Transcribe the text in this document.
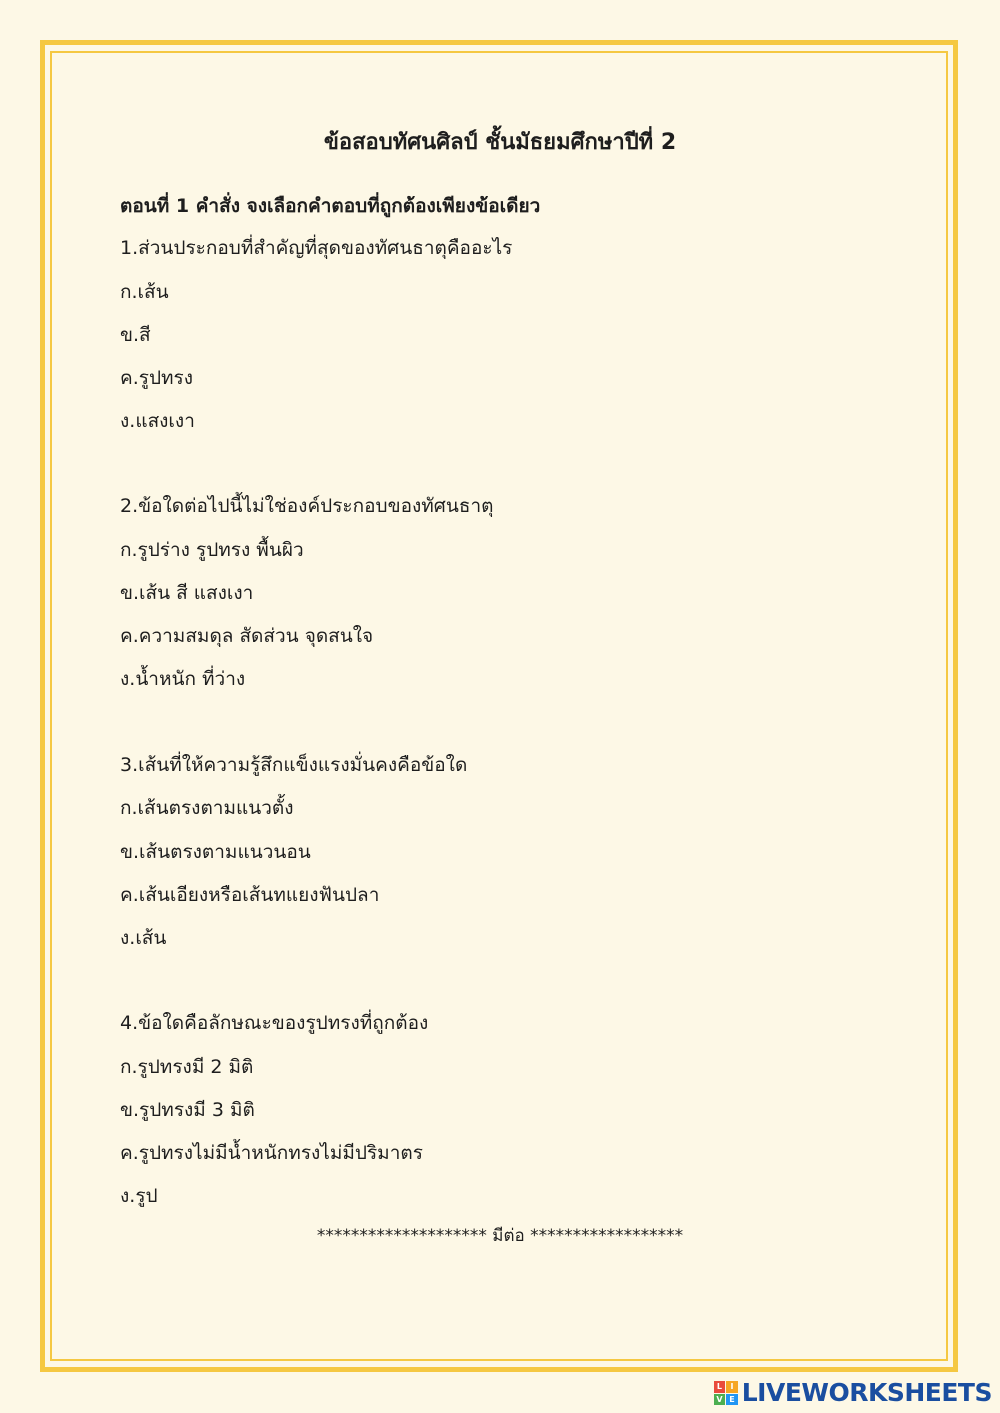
ข้อสอบทัศนศิลป์ ชั้นมัธยมศึกษาปีที่ 2
ตอนที่ 1 คำสั่ง จงเลือกคำตอบที่ถูกต้องเพียงข้อเดียว
1.ส่วนประกอบที่สำคัญที่สุดของทัศนธาตุคืออะไร
ก.เส้น
ข.สี
ค.รูปทรง
ง.แสงเงา
2.ข้อใดต่อไปนี้ไม่ใช่องค์ประกอบของทัศนธาตุ
ก.รูปร่าง รูปทรง พื้นผิว
ข.เส้น สี แสงเงา
ค.ความสมดุล สัดส่วน จุดสนใจ
ง.น้ำหนัก ที่ว่าง
3.เส้นที่ให้ความรู้สึกแข็งแรงมั่นคงคือข้อใด
ก.เส้นตรงตามแนวตั้ง
ข.เส้นตรงตามแนวนอน
ค.เส้นเอียงหรือเส้นทแยงฟันปลา
ง.เส้น
4.ข้อใดคือลักษณะของรูปทรงที่ถูกต้อง
ก.รูปทรงมี 2 มิติ
ข.รูปทรงมี 3 มิติ
ค.รูปทรงไม่มีน้ำหนักทรงไม่มีปริมาตร
ง.รูป
******************** มีต่อ ******************
L	I
V E LIVEWORKSHEETS
